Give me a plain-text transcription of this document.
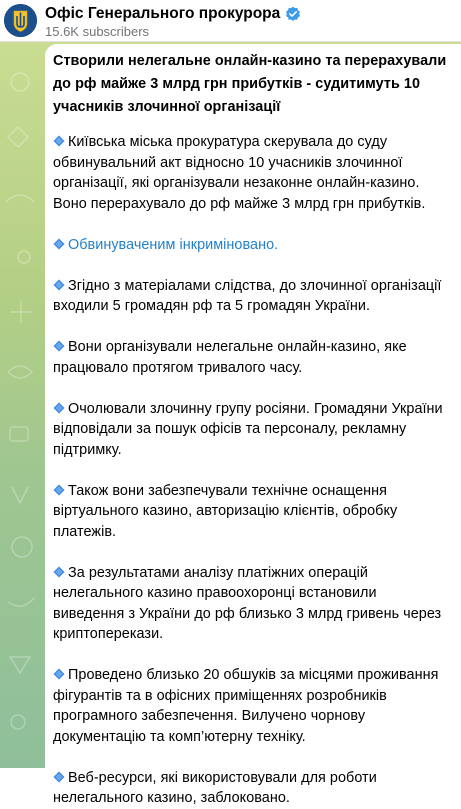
Офіс Генерального прокурора
15.6K subscribers
Створили нелегальне онлайн-казино та перерахували до рф майже 3 млрд грн прибутків - судитимуть 10 учасників злочинної організації
Київська міська прокуратура скерувала до суду обвинувальний акт відносно 10 учасників злочинної організації, які організували незаконне онлайн-казино. Воно перерахувало до рф майже 3 млрд грн прибутків.
Обвинуваченим інкриміновано.
Згідно з матеріалами слідства, до злочинної організації входили 5 громадян рф та 5 громадян України.
Вони організували нелегальне онлайн-казино, яке працювало протягом тривалого часу.
Очолювали злочинну групу росіяни. Громадяни України відповідали за пошук офісів та персоналу, рекламну підтримку.
Також вони забезпечували технічне оснащення віртуального казино, авторизацію клієнтів, обробку платежів.
За результатами аналізу платіжних операцій нелегального казино правоохоронці встановили виведення з України до рф близько 3 млрд гривень через криптоперекази.
Проведено близько 20 обшуків за місцями проживання фігурантів та в офісних приміщеннях розробників програмного забезпечення. Вилучено чорнову документацію та комп’ютерну техніку.
Веб-ресурси, які використовували для роботи нелегального казино, заблоковано.
